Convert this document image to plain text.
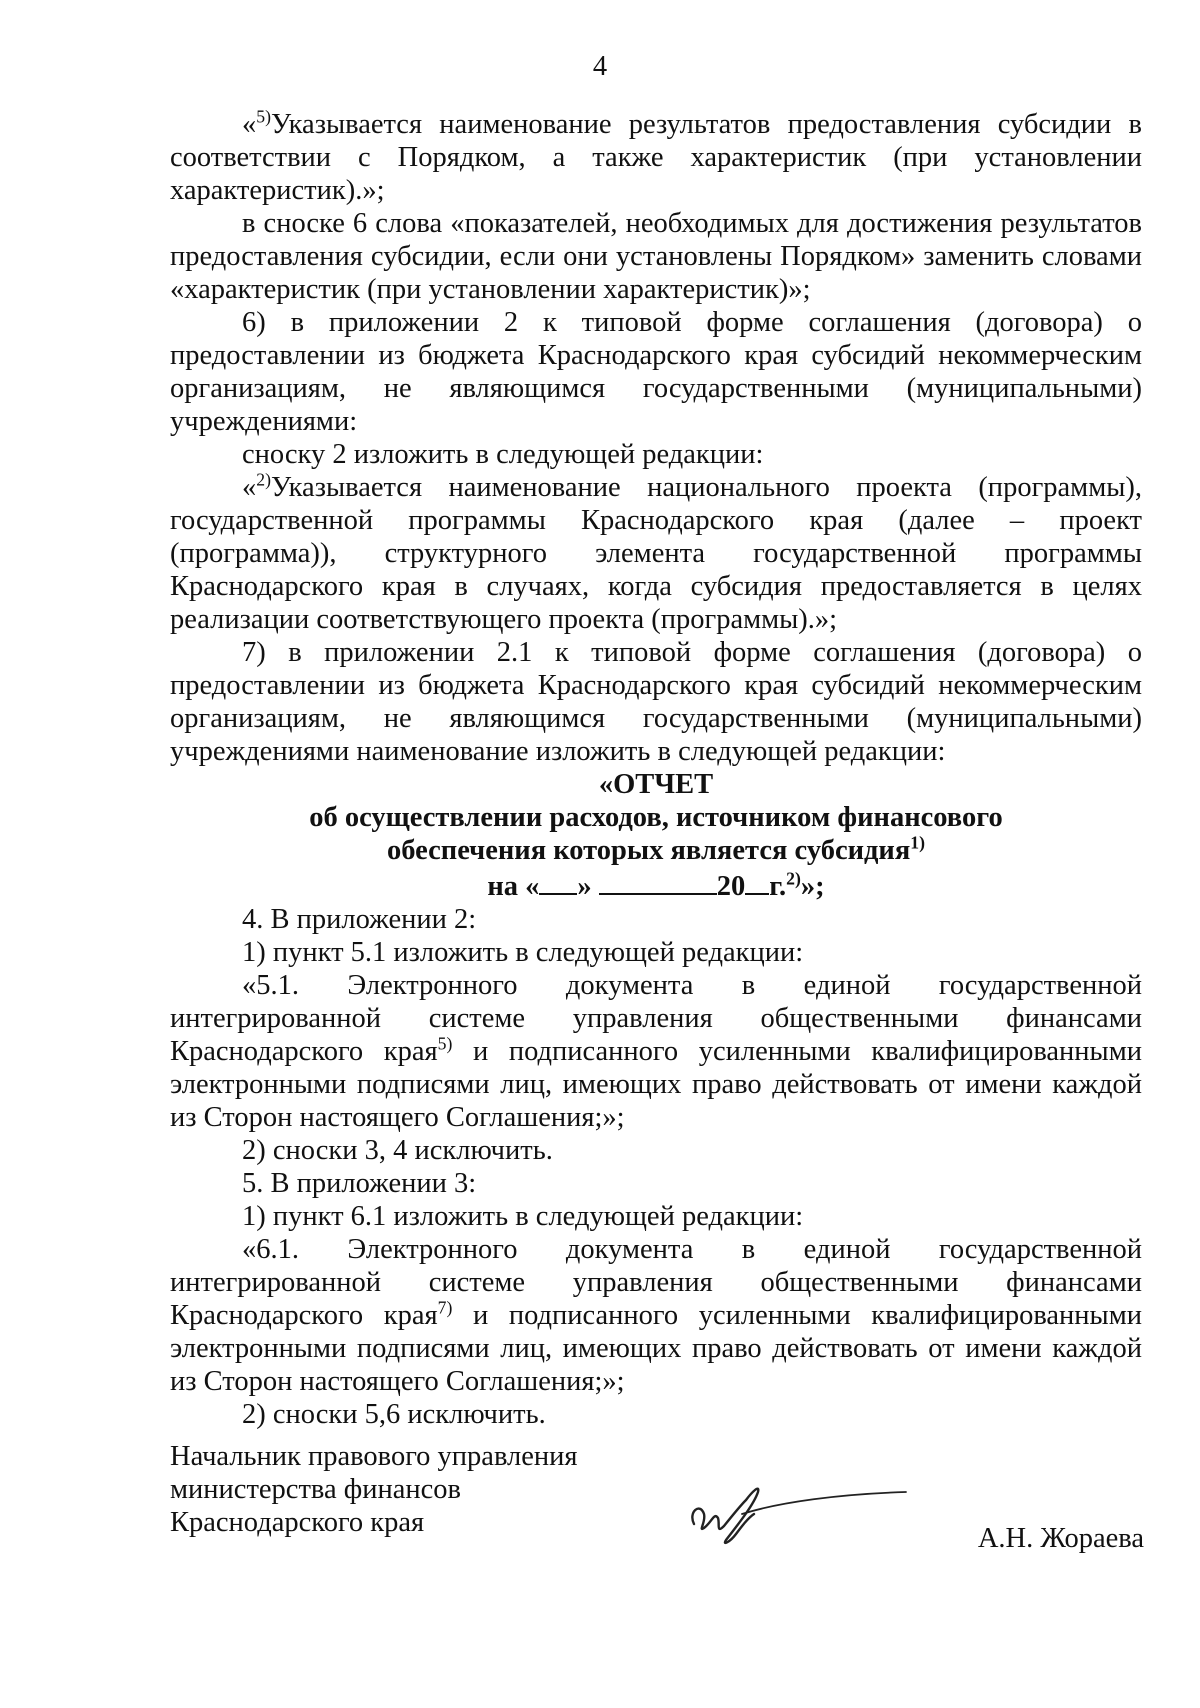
4

«$^{5)}$Указывается наименование результатов предоставления субсидии в соответствии с Порядком, а также характеристик (при установлении характеристик).»;

в сноске 6 слова «показателей, необходимых для достижения результатов предоставления субсидии, если они установлены Порядком» заменить словами «характеристик (при установлении характеристик)»;

6) в приложении 2 к типовой форме соглашения (договора) о предоставлении из бюджета Краснодарского края субсидий некоммерческим организациям, не являющимся государственными (муниципальными) учреждениями:

сноску 2 изложить в следующей редакции:

«$^{2)}$Указывается наименование национального проекта (программы), государственной программы Краснодарского края (далее – проект (программа)), структурного элемента государственной программы Краснодарского края в случаях, когда субсидия предоставляется в целях реализации соответствующего проекта (программы).»;

7) в приложении 2.1 к типовой форме соглашения (договора) о предоставлении из бюджета Краснодарского края субсидий некоммерческим организациям, не являющимся государственными (муниципальными) учреждениями наименование изложить в следующей редакции:

«ОТЧЕТ

об осуществлении расходов, источником финансового

обеспечения которых является субсидия$^{1)}$

на « »	20 г.$^{2)}$»;

4. В приложении 2:

1) пункт 5.1 изложить в следующей редакции:

«5.1. Электронного документа в единой государственной интегрированной системе управления общественными финансами Краснодарского края$^{5)}$ и подписанного усиленными квалифицированными электронными подписями лиц, имеющих право действовать от имени каждой из Сторон настоящего Соглашения;»;

2) сноски 3, 4 исключить.

5. В приложении 3:

1) пункт 6.1 изложить в следующей редакции:

«6.1. Электронного документа в единой государственной интегрированной системе управления общественными финансами Краснодарского края$^{7)}$ и подписанного усиленными квалифицированными электронными подписями лиц, имеющих право действовать от имени каждой из Сторон настоящего Соглашения;»;

2) сноски 5,6 исключить.

Начальник правового управления
министерства финансов
Краснодарского края
А.Н. Жораева
